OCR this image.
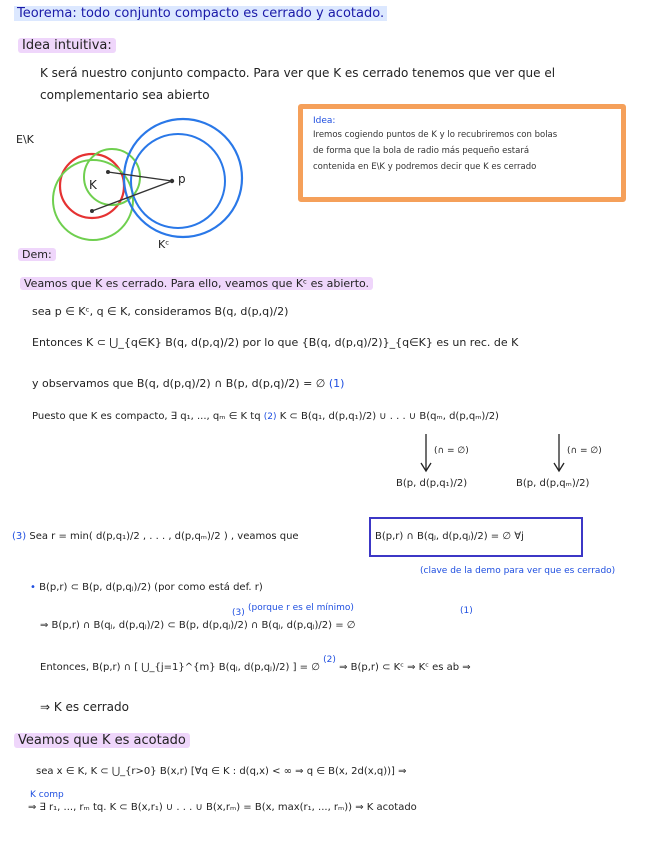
Teorema: todo conjunto compacto es cerrado y acotado.
Idea intuitiva:
K será nuestro conjunto compacto. Para ver que K es cerrado tenemos que ver que el
complementario sea abierto
Idea:
Iremos cogiendo puntos de K y lo recubriremos con bolas
de forma que la bola de radio más pequeño estará
contenida en E\K y podremos decir que K es cerrado
E\K
K	p
Kᶜ
Dem:
Veamos que K es cerrado. Para ello, veamos que Kᶜ es abierto.
sea p ∈ Kᶜ, q ∈ K, consideramos B(q, d(p,q)/2)
Entonces K ⊂ ⋃_{q∈K} B(q, d(p,q)/2) por lo que {B(q, d(p,q)/2)}_{q∈K} es un rec. de K
y observamos que B(q, d(p,q)/2) ∩ B(p, d(p,q)/2) = ∅ (1)
Puesto que K es compacto, ∃ q₁, ..., qₘ ∈ K tq (2) K ⊂ B(q₁, d(p,q₁)/2) ∪ . . . ∪ B(qₘ, d(p,qₘ)/2)
(∩ = ∅)	(∩ = ∅)
B(p, d(p,q₁)/2)	B(p, d(p,qₘ)/2)
(3) Sea r = min( d(p,q₁)/2 , . . . , d(p,qₘ)/2 ) , veamos que	B(p,r) ∩ B(qⱼ, d(p,qⱼ)/2) = ∅ ∀j
(clave de la demo para ver que es cerrado)
• B(p,r) ⊂ B(p, d(p,qⱼ)/2) (por como está def. r)
(porque r es el mínimo)
(3)	(1)
⇒ B(p,r) ∩ B(qⱼ, d(p,qⱼ)/2) ⊂ B(p, d(p,qⱼ)/2) ∩ B(qⱼ, d(p,qⱼ)/2) = ∅
Entonces, B(p,r) ∩ [ ⋃_{j=1}^{m} B(qⱼ, d(p,qⱼ)/2) ] = ∅ (2) ⇒ B(p,r) ⊂ Kᶜ ⇒ Kᶜ es ab ⇒
⇒ K es cerrado
Veamos que K es acotado
sea x ∈ K, K ⊂ ⋃_{r>0} B(x,r) [∀q ∈ K : d(q,x) < ∞ ⇒ q ∈ B(x, 2d(x,q))] ⇒
K comp
⇒ ∃ r₁, ..., rₘ tq. K ⊂ B(x,r₁) ∪ . . . ∪ B(x,rₘ) = B(x, max(r₁, ..., rₘ)) ⇒ K acotado
